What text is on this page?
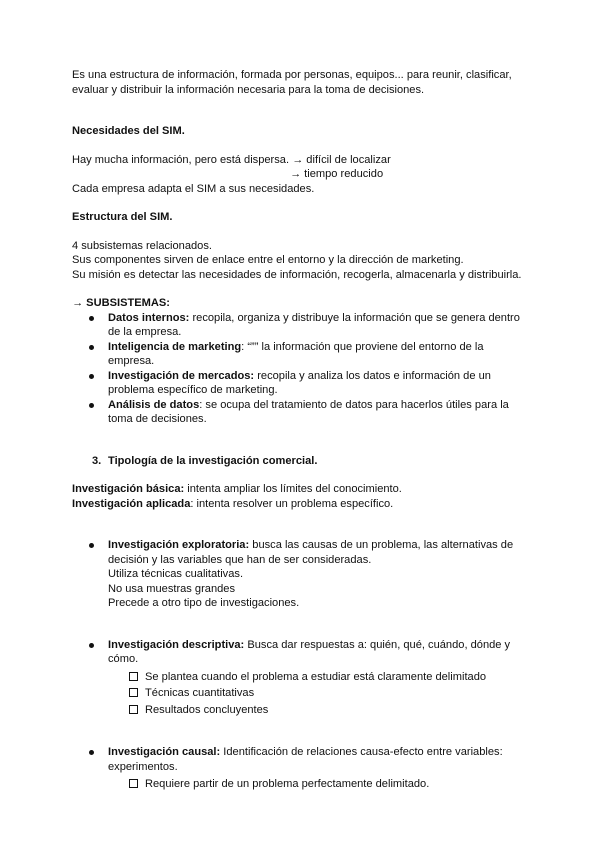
Es una estructura de información, formada por personas, equipos... para reunir, clasificar,
evaluar y distribuir la información necesaria para la toma de decisiones.

Necesidades del SIM.

Hay mucha información, pero está dispersa. → difícil de localizar

→ tiempo reducido

Cada empresa adapta el SIM a sus necesidades.

Estructura del SIM.

4 subsistemas relacionados.

Sus componentes sirven de enlace entre el entorno y la dirección de marketing.

Su misión es detectar las necesidades de información, recogerla, almacenarla y distribuirla.

→ SUBSISTEMAS:

Datos internos: recopila, organiza y distribuye la información que se genera dentro
de la empresa.
Inteligencia de marketing: “”” la información que proviene del entorno de la
empresa.
Investigación de mercados: recopila y analiza los datos e información de un
problema específico de marketing.
Análisis de datos: se ocupa del tratamiento de datos para hacerlos útiles para la
toma de decisiones.

3. Tipología de la investigación comercial.

Investigación básica: intenta ampliar los límites del conocimiento.

Investigación aplicada: intenta resolver un problema específico.

Investigación exploratoria: busca las causas de un problema, las alternativas de
decisión y las variables que han de ser consideradas.
Utiliza técnicas cualitativas.
No usa muestras grandes
Precede a otro tipo de investigaciones.
Investigación descriptiva: Busca dar respuestas a: quién, qué, cuándo, dónde y
cómo.
Se plantea cuando el problema a estudiar está claramente delimitado
Técnicas cuantitativas
Resultados concluyentes
Investigación causal: Identificación de relaciones causa-efecto entre variables:
experimentos.
Requiere partir de un problema perfectamente delimitado.
